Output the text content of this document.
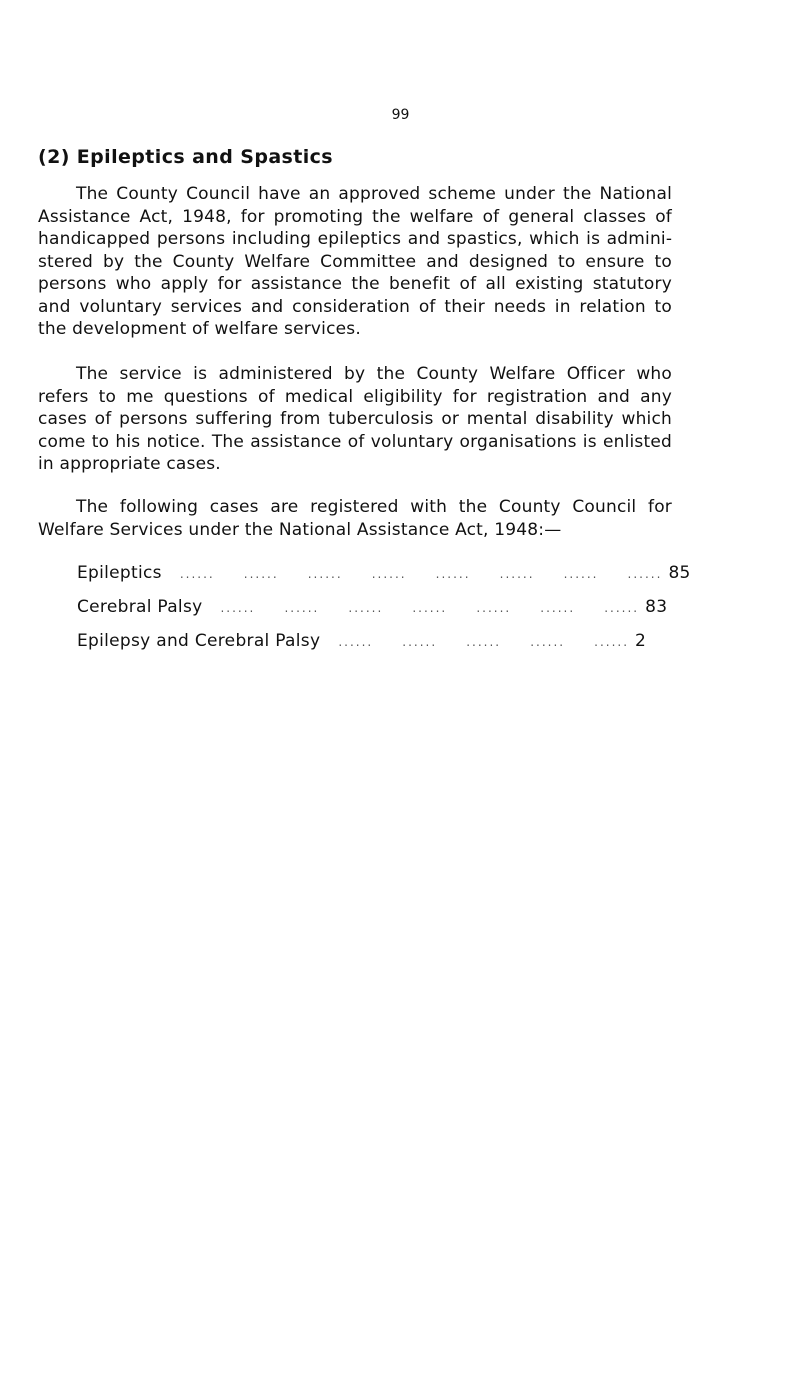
99
(2) Epileptics and Spastics

The County Council have an approved scheme under the National Assistance Act, 1948, for promoting the welfare of general classes of handicapped persons including epileptics and spastics, which is administered by the County Welfare Committee and designed to ensure to persons who apply for assistance the benefit of all existing statutory and voluntary services and consideration of their needs in relation to the development of welfare services.

The service is administered by the County Welfare Officer who refers to me questions of medical eligibility for registration and any cases of persons suffering from tuberculosis or mental disability which come to his notice. The assistance of voluntary organisations is enlisted in appropriate cases.

The following cases are registered with the County Council for Welfare Services under the National Assistance Act, 1948:—

Epileptics	......     ......     ......     ......     ......     ......     ......     ...... 85
Cerebral Palsy	......     ......     ......     ......     ......     ......     ...... 83
Epilepsy and Cerebral Palsy	......     ......     ......     ......     ...... 2
